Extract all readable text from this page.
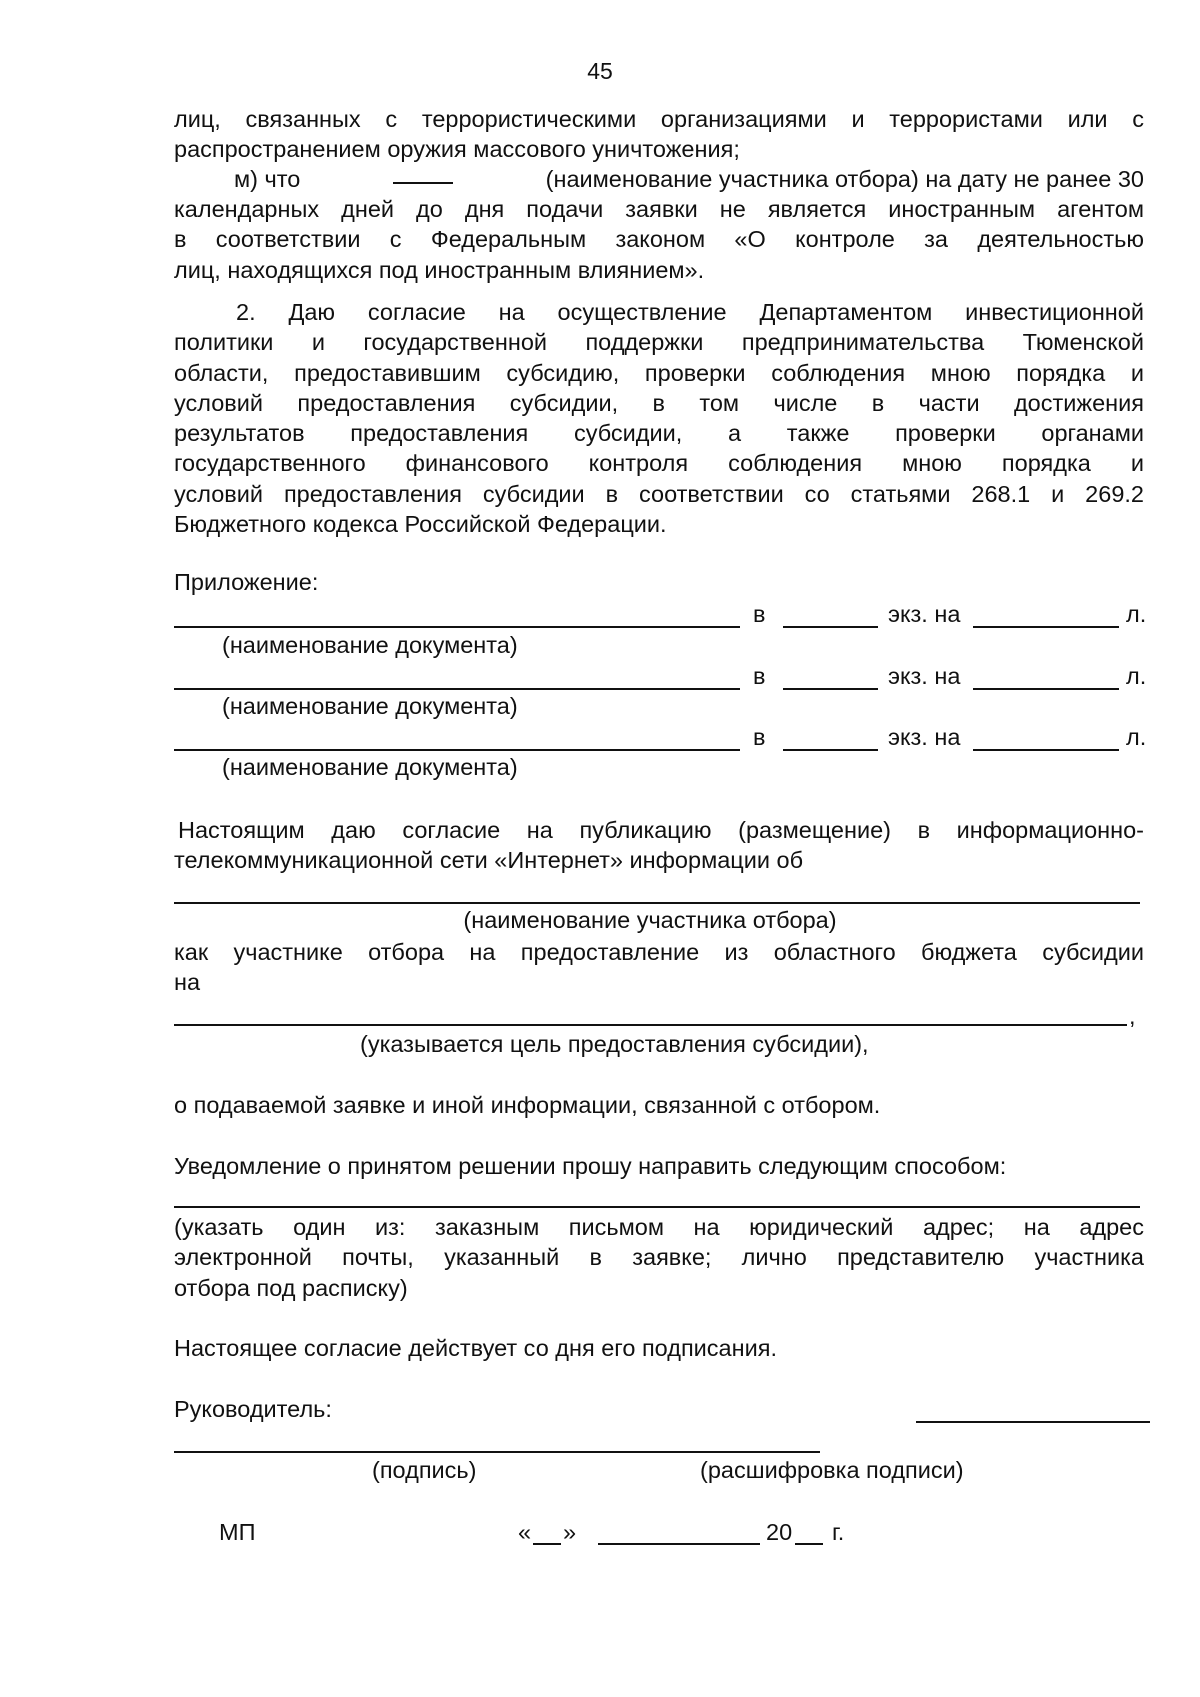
45
лиц, связанных с террористическими организациями и террористами или с
распространением оружия массового уничтожения;
м) что	(наименование участника отбора) на дату не ранее 30
календарных дней до дня подачи заявки не является иностранным агентом
в соответствии с Федеральным законом «О контроле за деятельностью
лиц, находящихся под иностранным влиянием».
2. Даю согласие на осуществление Департаментом инвестиционной
политики и государственной поддержки предпринимательства Тюменской
области, предоставившим субсидию, проверки соблюдения мною порядка и
условий предоставления субсидии, в том числе в части достижения
результатов предоставления субсидии, а также проверки органами
государственного финансового контроля соблюдения мною порядка и
условий предоставления субсидии в соответствии со статьями 268.1 и 269.2
Бюджетного кодекса Российской Федерации.
Приложение:
в	экз. на	л.
(наименование документа)
в	экз. на	л.
(наименование документа)
в	экз. на	л.
(наименование документа)
Настоящим даю согласие на публикацию (размещение) в информационно-
телекоммуникационной сети «Интернет» информации об
(наименование участника отбора)
как участнике отбора на предоставление из областного бюджета субсидии
на
,
(указывается цель предоставления субсидии),
о подаваемой заявке и иной информации, связанной с отбором.
Уведомление о принятом решении прошу направить следующим способом:
(указать один из: заказным письмом на юридический адрес; на адрес
электронной почты, указанный в заявке; лично представителю участника
отбора под расписку)
Настоящее согласие действует со дня его подписания.
Руководитель:
(подпись)	(расшифровка подписи)
МП	« »	20 г.
